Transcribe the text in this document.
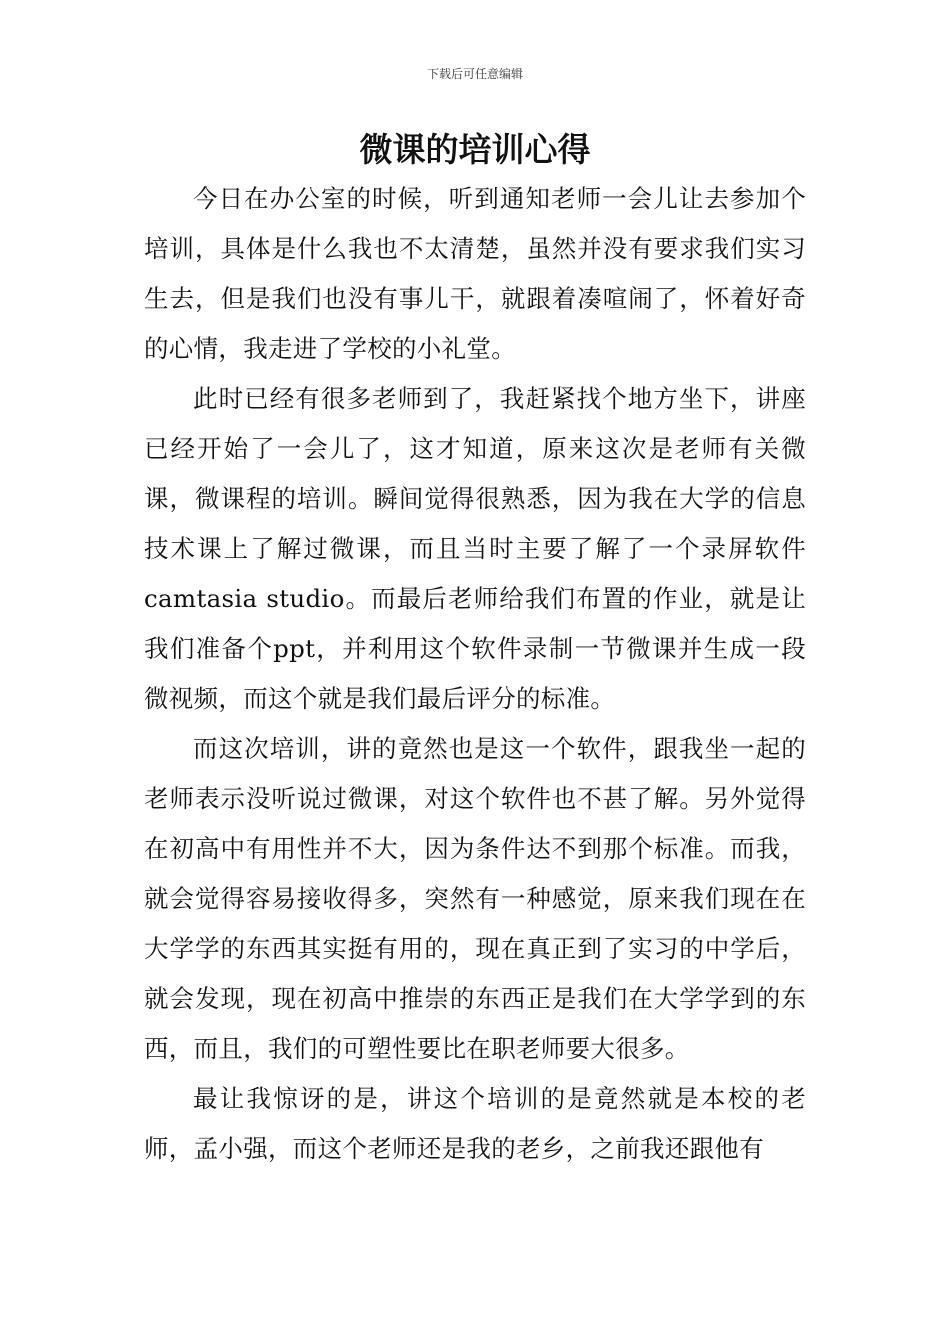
下载后可任意编辑
微课的培训心得

今日在办公室的时候，听到通知老师一会儿让去参加个培训，具体是什么我也不太清楚，虽然并没有要求我们实习生去，但是我们也没有事儿干，就跟着凑喧闹了，怀着好奇的心情，我走进了学校的小礼堂。

此时已经有很多老师到了，我赶紧找个地方坐下，讲座已经开始了一会儿了，这才知道，原来这次是老师有关微课，微课程的培训。瞬间觉得很熟悉，因为我在大学的信息技术课上了解过微课，而且当时主要了解了一个录屏软件camtasia studio。而最后老师给我们布置的作业，就是让我们准备个ppt，并利用这个软件录制一节微课并生成一段微视频，而这个就是我们最后评分的标准。

而这次培训，讲的竟然也是这一个软件，跟我坐一起的老师表示没听说过微课，对这个软件也不甚了解。另外觉得在初高中有用性并不大，因为条件达不到那个标准。而我，就会觉得容易接收得多，突然有一种感觉，原来我们现在在大学学的东西其实挺有用的，现在真正到了实习的中学后，就会发现，现在初高中推崇的东西正是我们在大学学到的东西，而且，我们的可塑性要比在职老师要大很多。

最让我惊讶的是，讲这个培训的是竟然就是本校的老师，孟小强，而这个老师还是我的老乡，之前我还跟他有
